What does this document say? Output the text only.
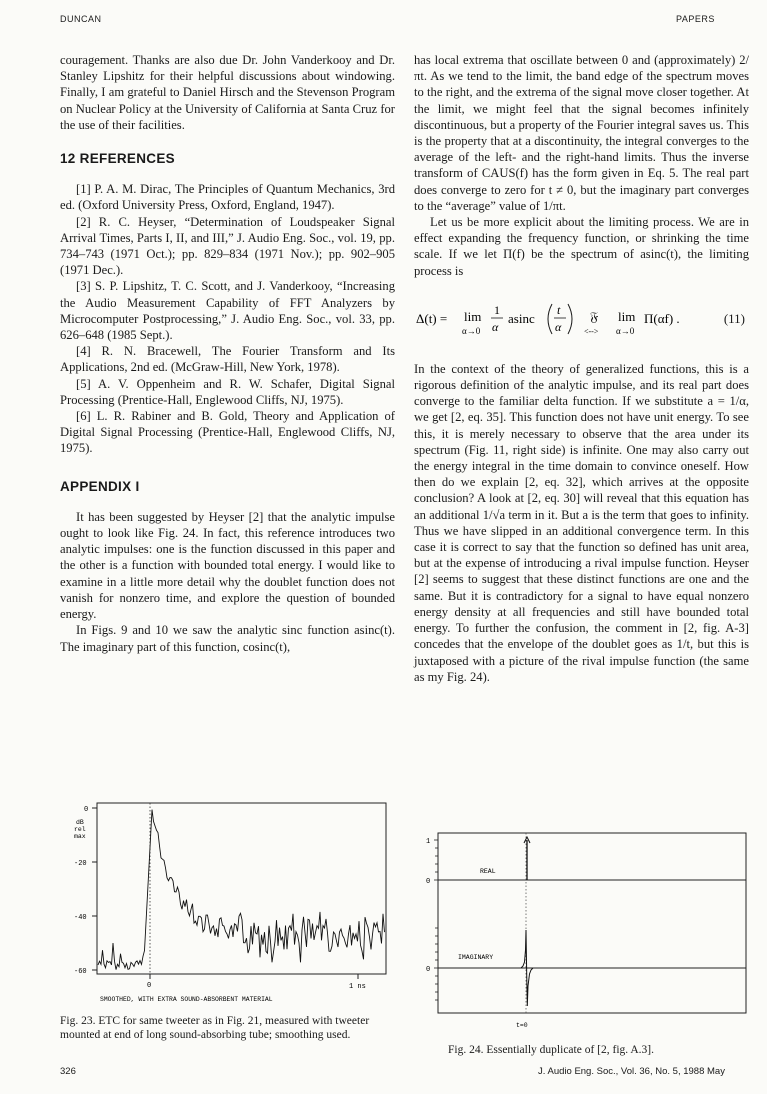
DUNCAN	PAPERS

couragement. Thanks are also due Dr. John Vanderkooy and Dr. Stanley Lipshitz for their helpful discussions about windowing. Finally, I am grateful to Daniel Hirsch and the Stevenson Program on Nuclear Policy at the University of California at Santa Cruz for the use of their facilities.

12 REFERENCES

[1] P. A. M. Dirac, The Principles of Quantum Mechanics, 3rd ed. (Oxford University Press, Oxford, England, 1947).

[2] R. C. Heyser, “Determination of Loudspeaker Signal Arrival Times, Parts I, II, and III,” J. Audio Eng. Soc., vol. 19, pp. 734–743 (1971 Oct.); pp. 829–834 (1971 Nov.); pp. 902–905 (1971 Dec.).

[3] S. P. Lipshitz, T. C. Scott, and J. Vanderkooy, “Increasing the Audio Measurement Capability of FFT Analyzers by Microcomputer Postprocessing,” J. Audio Eng. Soc., vol. 33, pp. 626–648 (1985 Sept.).

[4] R. N. Bracewell, The Fourier Transform and Its Applications, 2nd ed. (McGraw-Hill, New York, 1978).

[5] A. V. Oppenheim and R. W. Schafer, Digital Signal Processing (Prentice-Hall, Englewood Cliffs, NJ, 1975).

[6] L. R. Rabiner and B. Gold, Theory and Application of Digital Signal Processing (Prentice-Hall, Englewood Cliffs, NJ, 1975).

APPENDIX I

It has been suggested by Heyser [2] that the analytic impulse ought to look like Fig. 24. In fact, this reference introduces two analytic impulses: one is the function discussed in this paper and the other is a function with bounded total energy. I would like to examine in a little more detail why the doublet function does not vanish for nonzero time, and explore the question of bounded energy.

In Figs. 9 and 10 we saw the analytic sinc function asinc(t). The imaginary part of this function, cosinc(t),

has local extrema that oscillate between 0 and (approximately) 2/πt. As we tend to the limit, the band edge of the spectrum moves to the right, and the extrema of the signal move closer together. At the limit, we might feel that the signal becomes infinitely discontinuous, but a property of the Fourier integral saves us. This is the property that at a discontinuity, the integral converges to the average of the left- and the right-hand limits. Thus the inverse transform of CAUS(f) has the form given in Eq. 5. The real part does converge to zero for t ≠ 0, but the imaginary part converges to the “average” value of 1/πt.

Let us be more explicit about the limiting process. We are in effect expanding the frequency function, or shrinking the time scale. If we let Π(f) be the spectrum of asinc(t), the limiting process is

Δ(t) = lim
α→0
1
α
asinc
t
α
𝔉
<-->
lim
α→0
Π(αf) .	(11)

In the context of the theory of generalized functions, this is a rigorous definition of the analytic impulse, and its real part does converge to the familiar delta function. If we substitute a = 1/α, we get [2, eq. 35]. This function does not have unit energy. To see this, it is merely necessary to observe that the area under its spectrum (Fig. 11, right side) is infinite. One may also carry out the energy integral in the time domain to convince oneself. How then do we explain [2, eq. 32], which arrives at the opposite conclusion? A look at [2, eq. 30] will reveal that this equation has an additional 1/√a term in it. But a is the term that goes to infinity. Thus we have slipped in an additional convergence term. In this case it is correct to say that the function so defined has unit area, but at the expense of introducing a rival impulse function. Heyser [2] seems to suggest that these distinct functions are one and the same. But it is contradictory for a signal to have equal nonzero energy density at all frequencies and still have bounded total energy. To further the confusion, the comment in [2, fig. A-3] concedes that the envelope of the doublet goes as 1/t, but this is juxtaposed with a picture of the rival impulse function (the same as my Fig. 24).

0
-20
-40
-60
dB
rel
max
0	1 ns
SMOOTHED, WITH EXTRA SOUND-ABSORBENT MATERIAL
Fig. 23. ETC for same tweeter as in Fig. 21, measured with tweeter mounted at end of long sound-absorbing tube; smoothing used.
1
0
0
REAL
IMAGINARY
t=0
Fig. 24. Essentially duplicate of [2, fig. A.3].
326	J. Audio Eng. Soc., Vol. 36, No. 5, 1988 May
